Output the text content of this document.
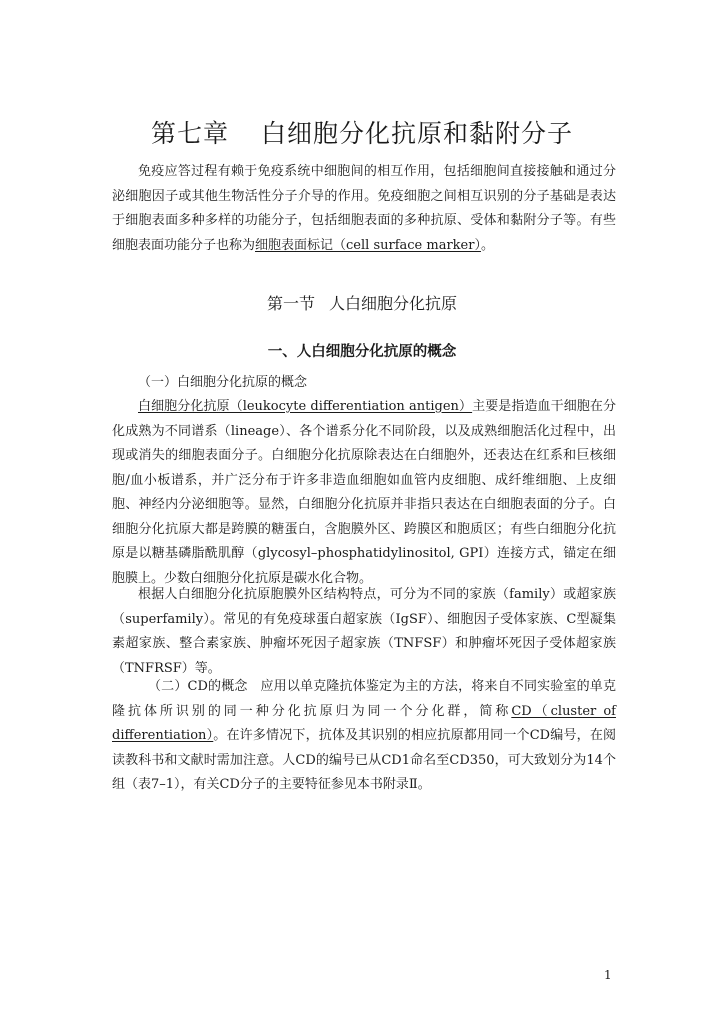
第七章 白细胞分化抗原和黏附分子

免疫应答过程有赖于免疫系统中细胞间的相互作用，包括细胞间直接接触和通过分泌细胞因子或其他生物活性分子介导的作用。免疫细胞之间相互识别的分子基础是表达于细胞表面多种多样的功能分子，包括细胞表面的多种抗原、受体和黏附分子等。有些细胞表面功能分子也称为细胞表面标记（cell surface marker）。

第一节 人白细胞分化抗原
一、人白细胞分化抗原的概念

（一）白细胞分化抗原的概念

白细胞分化抗原（leukocyte differentiation antigen）主要是指造血干细胞在分化成熟为不同谱系（lineage）、各个谱系分化不同阶段，以及成熟细胞活化过程中，出现或消失的细胞表面分子。白细胞分化抗原除表达在白细胞外，还表达在红系和巨核细胞/血小板谱系，并广泛分布于许多非造血细胞如血管内皮细胞、成纤维细胞、上皮细胞、神经内分泌细胞等。显然，白细胞分化抗原并非指只表达在白细胞表面的分子。白细胞分化抗原大都是跨膜的糖蛋白，含胞膜外区、跨膜区和胞质区；有些白细胞分化抗原是以糖基磷脂酰肌醇（glycosyl–phosphatidylinositol, GPI）连接方式，锚定在细胞膜上。少数白细胞分化抗原是碳水化合物。

根据人白细胞分化抗原胞膜外区结构特点，可分为不同的家族（family）或超家族（superfamily）。常见的有免疫球蛋白超家族（IgSF）、细胞因子受体家族、C型凝集素超家族、整合素家族、肿瘤坏死因子超家族（TNFSF）和肿瘤坏死因子受体超家族（TNFRSF）等。

（二）CD的概念 应用以单克隆抗体鉴定为主的方法，将来自不同实验室的单克隆抗体所识别的同一种分化抗原归为同一个分化群，简称CD（cluster of differentiation）。在许多情况下，抗体及其识别的相应抗原都用同一个CD编号，在阅读教科书和文献时需加注意。人CD的编号已从CD1命名至CD350，可大致划分为14个组（表7–1），有关CD分子的主要特征参见本书附录Ⅱ。

1
